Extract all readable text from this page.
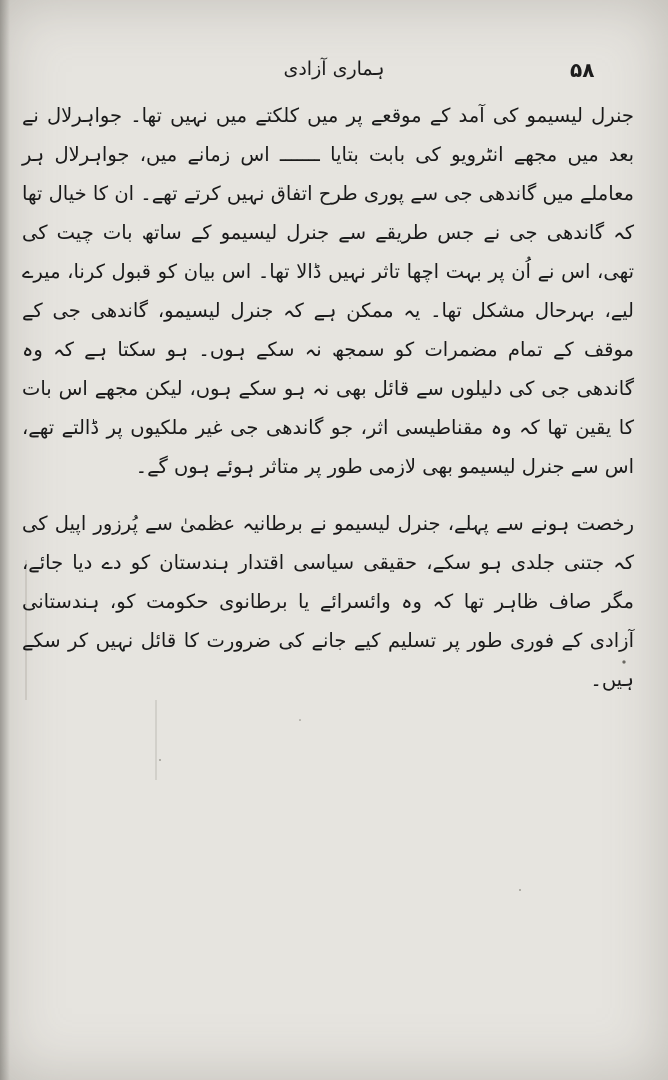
۵۸
ہماری آزادی

جنرل لیسیمو کی آمد کے موقعے پر میں کلکتے میں نہیں تھا۔ جواہرلال نے بعد میں مجھے انٹرویو کی بابت بتایا ـــــــ اس زمانے میں، جواہرلال ہر معاملے میں گاندھی جی سے پوری طرح اتفاق نہیں کرتے تھے۔ ان کا خیال تھا کہ گاندھی جی نے جس طریقے سے جنرل لیسیمو کے ساتھ بات چیت کی تھی، اس نے اُن پر بہت اچھا تاثر نہیں ڈالا تھا۔ اس بیان کو قبول کرنا، میرے لیے، بہرحال مشکل تھا۔ یہ ممکن ہے کہ جنرل لیسیمو، گاندھی جی کے موقف کے تمام مضمرات کو سمجھ نہ سکے ہوں۔ ہو سکتا ہے کہ وہ گاندھی جی کی دلیلوں سے قائل بھی نہ ہو سکے ہوں، لیکن مجھے اس بات کا یقین تھا کہ وہ مقناطیسی اثر، جو گاندھی جی غیر ملکیوں پر ڈالتے تھے، اس سے جنرل لیسیمو بھی لازمی طور پر متاثر ہوئے ہوں گے۔

رخصت ہونے سے پہلے، جنرل لیسیمو نے برطانیہ عظمیٰ سے پُرزور اپیل کی کہ جتنی جلدی ہو سکے، حقیقی سیاسی اقتدار ہندستان کو دے دیا جائے، مگر صاف ظاہر تھا کہ وہ وائسرائے یا برطانوی حکومت کو، ہندستانی آزادی کے فوری طور پر تسلیم کیے جانے کی ضرورت کا قائل نہیں کر سکے ہیں۔
